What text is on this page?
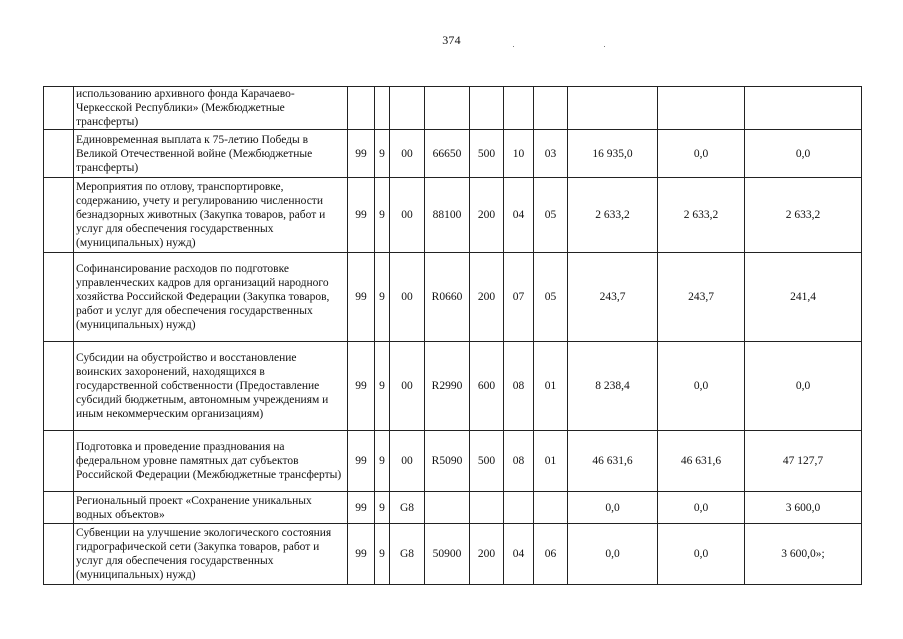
374
	использованию архивного фонда Карачаево-Черкесской Республики» (Межбюджетные трансферты)										
	Единовременная выплата к 75-летию Победы в Великой Отечественной войне (Межбюджетные трансферты)	99	9	00	66650	500	10	03	16 935,0	0,0	0,0
	Мероприятия по отлову, транспортировке, содержанию, учету и регулированию численности безнадзорных животных (Закупка товаров, работ и услуг для обеспечения государственных (муниципальных) нужд)	99	9	00	88100	200	04	05	2 633,2	2 633,2	2 633,2
	Софинансирование расходов по подготовке управленческих кадров для организаций народного хозяйства Российской Федерации (Закупка товаров, работ и услуг для обеспечения государственных (муниципальных) нужд)	99	9	00	R0660	200	07	05	243,7	243,7	241,4
	Субсидии на обустройство и восстановление воинских захоронений, находящихся в государственной собственности (Предоставление субсидий бюджетным, автономным учреждениям и иным некоммерческим организациям)	99	9	00	R2990	600	08	01	8 238,4	0,0	0,0
	Подготовка и проведение празднования на федеральном уровне памятных дат субъектов Российской Федерации (Межбюджетные трансферты)	99	9	00	R5090	500	08	01	46 631,6	46 631,6	47 127,7
	Региональный проект «Сохранение уникальных водных объектов»	99	9	G8					0,0	0,0	3 600,0
	Субвенции на улучшение экологического состояния гидрографической сети (Закупка товаров, работ и услуг для обеспечения государственных (муниципальных) нужд)	99	9	G8	50900	200	04	06	0,0	0,0	3 600,0»;
